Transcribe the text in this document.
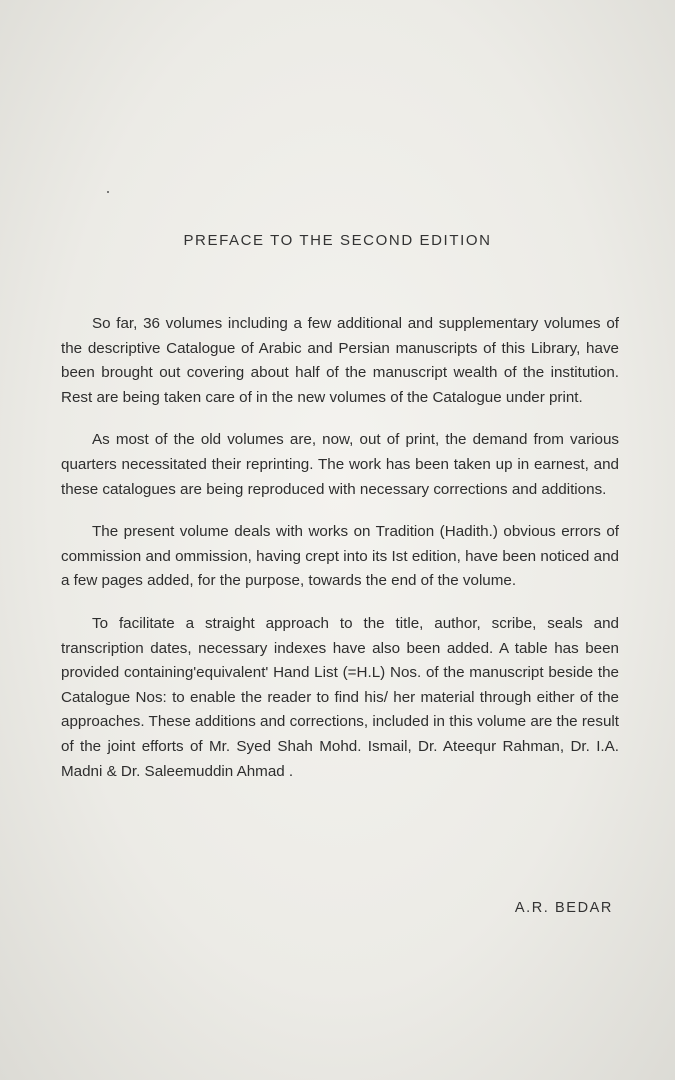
PREFACE TO THE SECOND EDITION

So far, 36 volumes including a few additional and supplementary volumes of the descriptive Catalogue of Arabic and Persian manuscripts of this Library, have been brought out covering about half of the manuscript wealth of the institution. Rest are being taken care of in the new volumes of the Catalogue under print.

As most of the old volumes are, now, out of print, the demand from various quarters necessitated their reprinting. The work has been taken up in earnest, and these catalogues are being reproduced with necessary corrections and additions.

The present volume deals with works on Tradition (Hadith.) obvious errors of commission and ommission, having crept into its Ist edition, have been noticed and a few pages added, for the purpose, towards the end of the volume.

To facilitate a straight approach to the title, author, scribe, seals and transcription dates, necessary indexes have also been added. A table has been provided containing'equivalent' Hand List (=H.L) Nos. of the manuscript beside the Catalogue Nos: to enable the reader to find his/ her material through either of the approaches. These additions and corrections, included in this volume are the result of the joint efforts of Mr. Syed Shah Mohd. Ismail, Dr. Ateequr Rahman, Dr. I.A. Madni & Dr. Saleemuddin Ahmad .

A.R. BEDAR
